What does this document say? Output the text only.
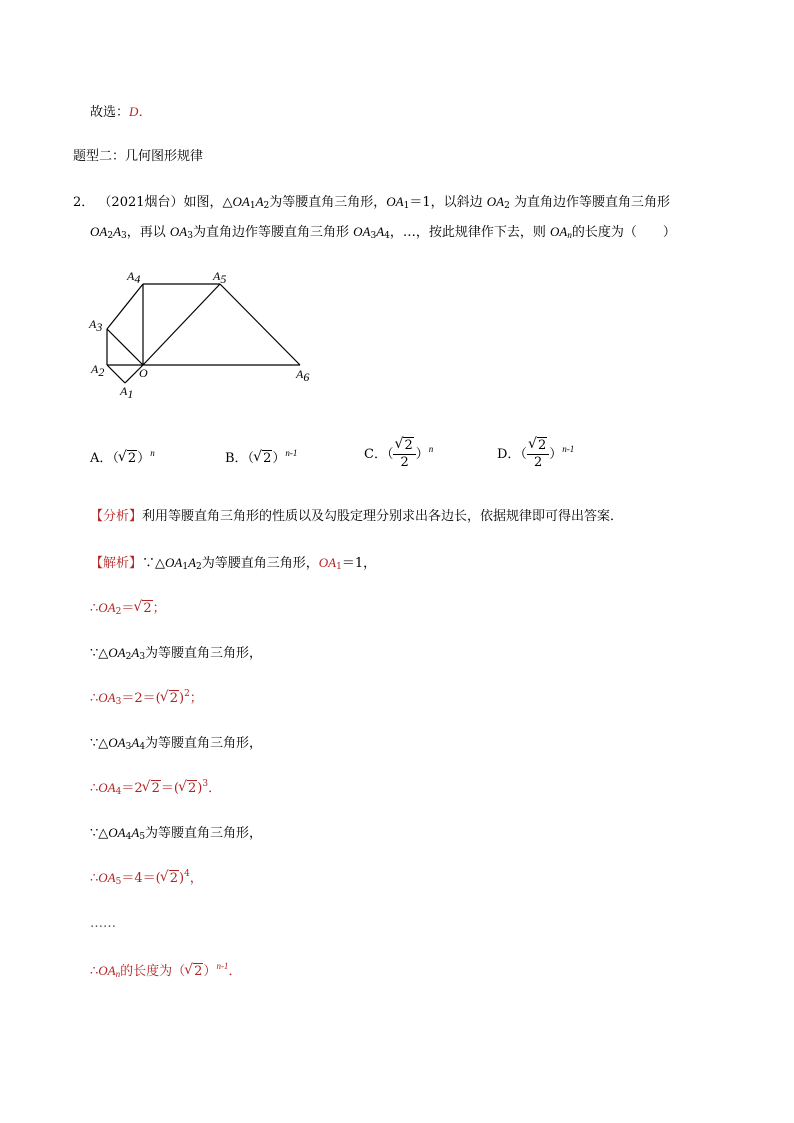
故选：D．
题型二：几何图形规律
2． （2021烟台）如图，$\triangle OA_1A_2$为等腰直角三角形，$OA_1=1$，以斜边 $OA_2$ 为直角边作等腰直角三角形
$OA_2A_3$，再以 $OA_3$为直角边作等腰直角三角形 $OA_3A_4$，…，按此规律作下去，则 $OA_n$的长度为（　　）
A4	A5
A3
A2	O	A6
A1
A．（√ 2）$^n$	B．（√ 2）$^{n-1}$	C．（
√ $\frac{2}{2} )^n$	D．（
√ $\frac{2}{2} )^{n-1}$
【分析】利用等腰直角三角形的性质以及勾股定理分别求出各边长，依据规律即可得出答案．
【解析】$\because\triangle OA_1A_2$为等腰直角三角形，$OA_1=1$，
$\therefore OA_2=√$ 2；
$\because\triangle OA_2A_3$为等腰直角三角形，
$\therefore OA_3=2=(√$ 2)$^2$；
$\because\triangle OA_3A_4$为等腰直角三角形，
$\therefore OA_4=2√$ 2＝(√ 2)$^3$．
$\because\triangle OA_4A_5$为等腰直角三角形，
$\therefore OA_5=4=(√$ 2)$^4$，
……
$\therefore OA_n$的长度为（√ 2）$^{n-1}$．
